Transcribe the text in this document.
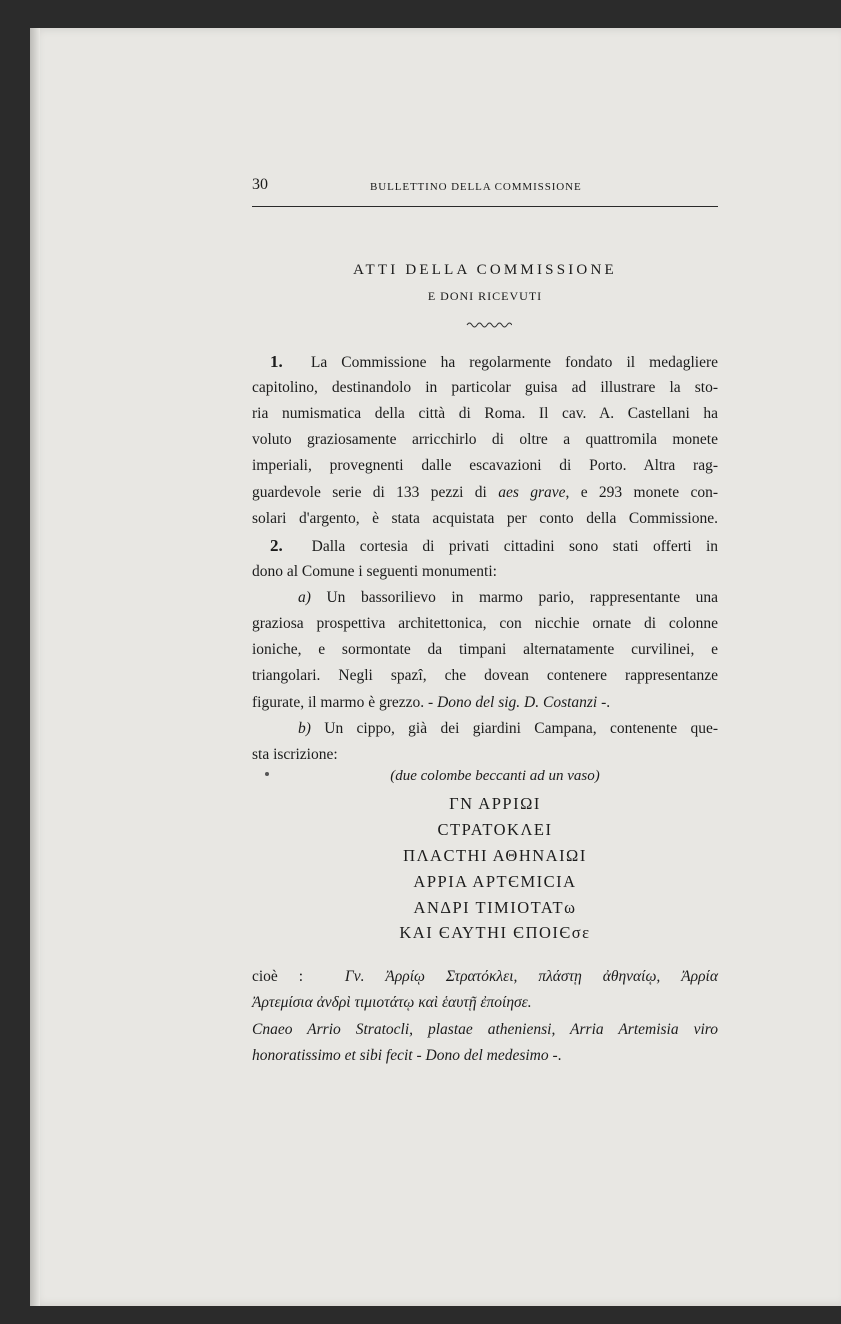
30	BULLETTINO DELLA COMMISSIONE
ATTI DELLA COMMISSIONE
E DONI RICEVUTI
1. La Commissione ha regolarmente fondato il medagliere
capitolino, destinandolo in particolar guisa ad illustrare la sto-
ria numismatica della città di Roma. Il cav. A. Castellani ha
voluto graziosamente arricchirlo di oltre a quattromila monete
imperiali, provegnenti dalle escavazioni di Porto. Altra rag-
guardevole serie di 133 pezzi di aes grave, e 293 monete con-
solari d'argento, è stata acquistata per conto della Commissione.
2. Dalla cortesia di privati cittadini sono stati offerti in
dono al Comune i seguenti monumenti:
a) Un bassorilievo in marmo pario, rappresentante una
graziosa prospettiva architettonica, con nicchie ornate di colonne
ioniche, e sormontate da timpani alternatamente curvilinei, e
triangolari. Negli spazî, che dovean contenere rappresentanze
figurate, il marmo è grezzo. - Dono del sig. D. Costanzi -.
b) Un cippo, già dei giardini Campana, contenente que-
sta iscrizione:
(due colombe beccanti ad un vaso)
ΓΝ ΑΡΡΙΩΙ
CΤΡΑΤΟΚΛΕΙ
ΠΛΑCΤΗΙ ΑΘΗΝΑΙΩΙ
ΑΡΡΙΑ ΑΡΤЄΜΙCΙΑ
ΑΝΔΡΙ ΤΙΜΙΟΤΑΤω
ΚΑΙ ЄΑΥΤΗΙ ЄΠΟΙЄσε
cioè :	Γν. Ἀρρίῳ Στρατόκλει, πλάστῃ ἀθηναίῳ, Ἀρρία
Ἀρτεμίσια ἀνδρὶ τιμιοτάτῳ καὶ ἑαυτῇ ἐποίησε.
Cnaeo Arrio Stratocli, plastae atheniensi, Arria Artemisia viro
honoratissimo et sibi fecit - Dono del medesimo -.
